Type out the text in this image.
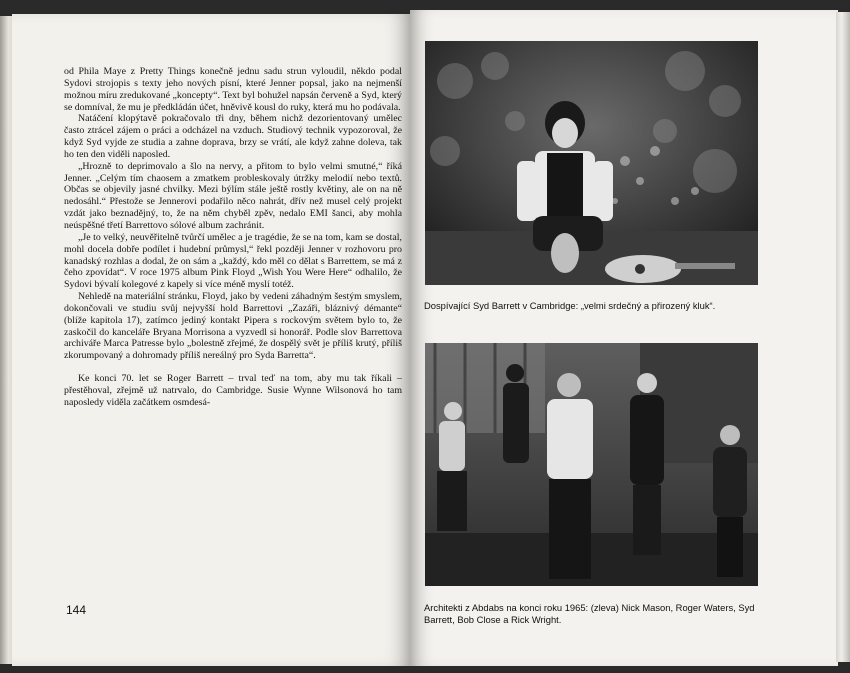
od Phila Maye z Pretty Things konečně jednu sadu strun vyloudil, někdo podal Sydovi strojopis s texty jeho nových písní, které Jenner popsal, jako na nejmenší možnou míru zredukované „koncepty“. Text byl bohužel napsán červeně a Syd, který se domníval, že mu je předkládán účet, hněvivě kousl do ruky, která mu ho podávala.

Natáčení klopýtavě pokračovalo tři dny, během nichž dezorientovaný umělec často ztrácel zájem o práci a odcházel na vzduch. Studiový technik vypozoroval, že když Syd vyjde ze studia a zahne doprava, brzy se vrátí, ale když zahne doleva, tak ho ten den viděli naposled.

„Hrozně to deprimovalo a šlo na nervy, a přitom to bylo velmi smutné,“ říká Jenner. „Celým tím chaosem a zmatkem probleskovaly útržky melodií nebo textů. Občas se objevily jasné chvilky. Mezi býlím stále ještě rostly květiny, ale on na ně nedosáhl.“ Přestože se Jennerovi podařilo něco nahrát, dřív než musel celý projekt vzdát jako beznadějný, to, že na něm chyběl zpěv, nedalo EMI šanci, aby mohla neúspěšné třetí Barrettovo sólové album zachránit.

„Je to velký, neuvěřitelně tvůrčí umělec a je tragédie, že se na tom, kam se dostal, mohl docela dobře podílet i hudební průmysl,“ řekl později Jenner v rozhovoru pro kanadský rozhlas a dodal, že on sám a „každý, kdo měl co dělat s Barrettem, se má z čeho zpovídat“. V roce 1975 album Pink Floyd „Wish You Were Here“ odhalilo, že Sydovi bývalí kolegové z kapely si více méně myslí totéž.

Nehledě na materiální stránku, Floyd, jako by vedeni záhadným šestým smyslem, dokončovali ve studiu svůj nejvyšší hold Barrettovi „Zazáři, bláznivý démante“ (blíže kapitola 17), zatímco jediný kontakt Pipera s rockovým světem bylo to, že zaskočil do kanceláře Bryana Morrisona a vyzvedl si honorář. Podle slov Barrettova archiváře Marca Patresse bylo „bolestně zřejmé, že dospělý svět je příliš krutý, příliš zkorumpovaný a dohromady příliš nereálný pro Syda Barretta“.

Ke konci 70. let se Roger Barrett – trval teď na tom, aby mu tak říkali – přestěhoval, zřejmě už natrvalo, do Cambridge. Susie Wynne Wilsonová ho tam naposledy viděla začátkem osmdesá-

144
Dospívající Syd Barrett v Cambridge: „velmi srdečný a přirozený kluk“.
Architekti z Abdabs na konci roku 1965: (zleva) Nick Mason, Roger Waters, Syd Barrett, Bob Close a Rick Wright.
